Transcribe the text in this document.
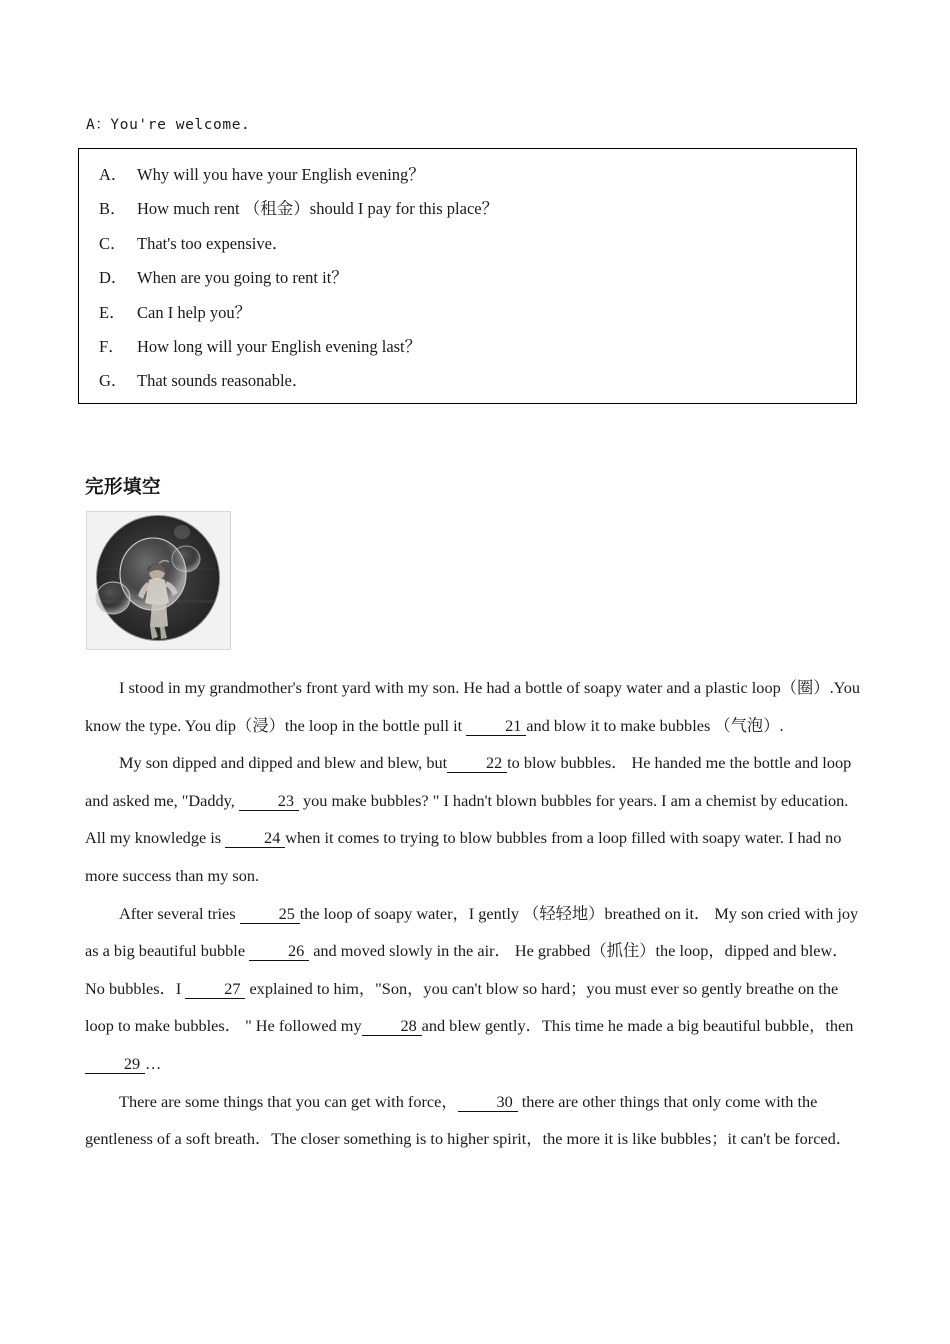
A：You're welcome.
A． Why will you have your English evening？
B． How much rent （租金）should I pay for this place？
C． That's too expensive．
D． When are you going to rent it？
E． Can I help you？
F． How long will your English evening last？
G． That sounds reasonable．
完形填空

I stood in my grandmother's front yard with my son. He had a bottle of soapy water and a plastic loop（圈）.You know the type. You dip（浸）the loop in the bottle pull it 21 and blow it to make bubbles （气泡）.

My son dipped and dipped and blew and blew, but 22 to blow bubbles． He handed me the bottle and loop and asked me, "Daddy, 23 you make bubbles? " I hadn't blown bubbles for years. I am a chemist by education. All my knowledge is 24 when it comes to trying to blow bubbles from a loop filled with soapy water. I had no more success than my son.

After several tries 25 the loop of soapy water，I gently （轻轻地）breathed on it． My son cried with joy as a big beautiful bubble 26 and moved slowly in the air． He grabbed（抓住）the loop，dipped and blew．No bubbles．I 27 explained to him，"Son，you can't blow so hard；you must ever so gently breathe on the loop to make bubbles． " He followed my 28 and blew gently．This time he made a big beautiful bubble，then 29 …

There are some things that you can get with force， 30 there are other things that only come with the gentleness of a soft breath．The closer something is to higher spirit，the more it is like bubbles；it can't be forced．
